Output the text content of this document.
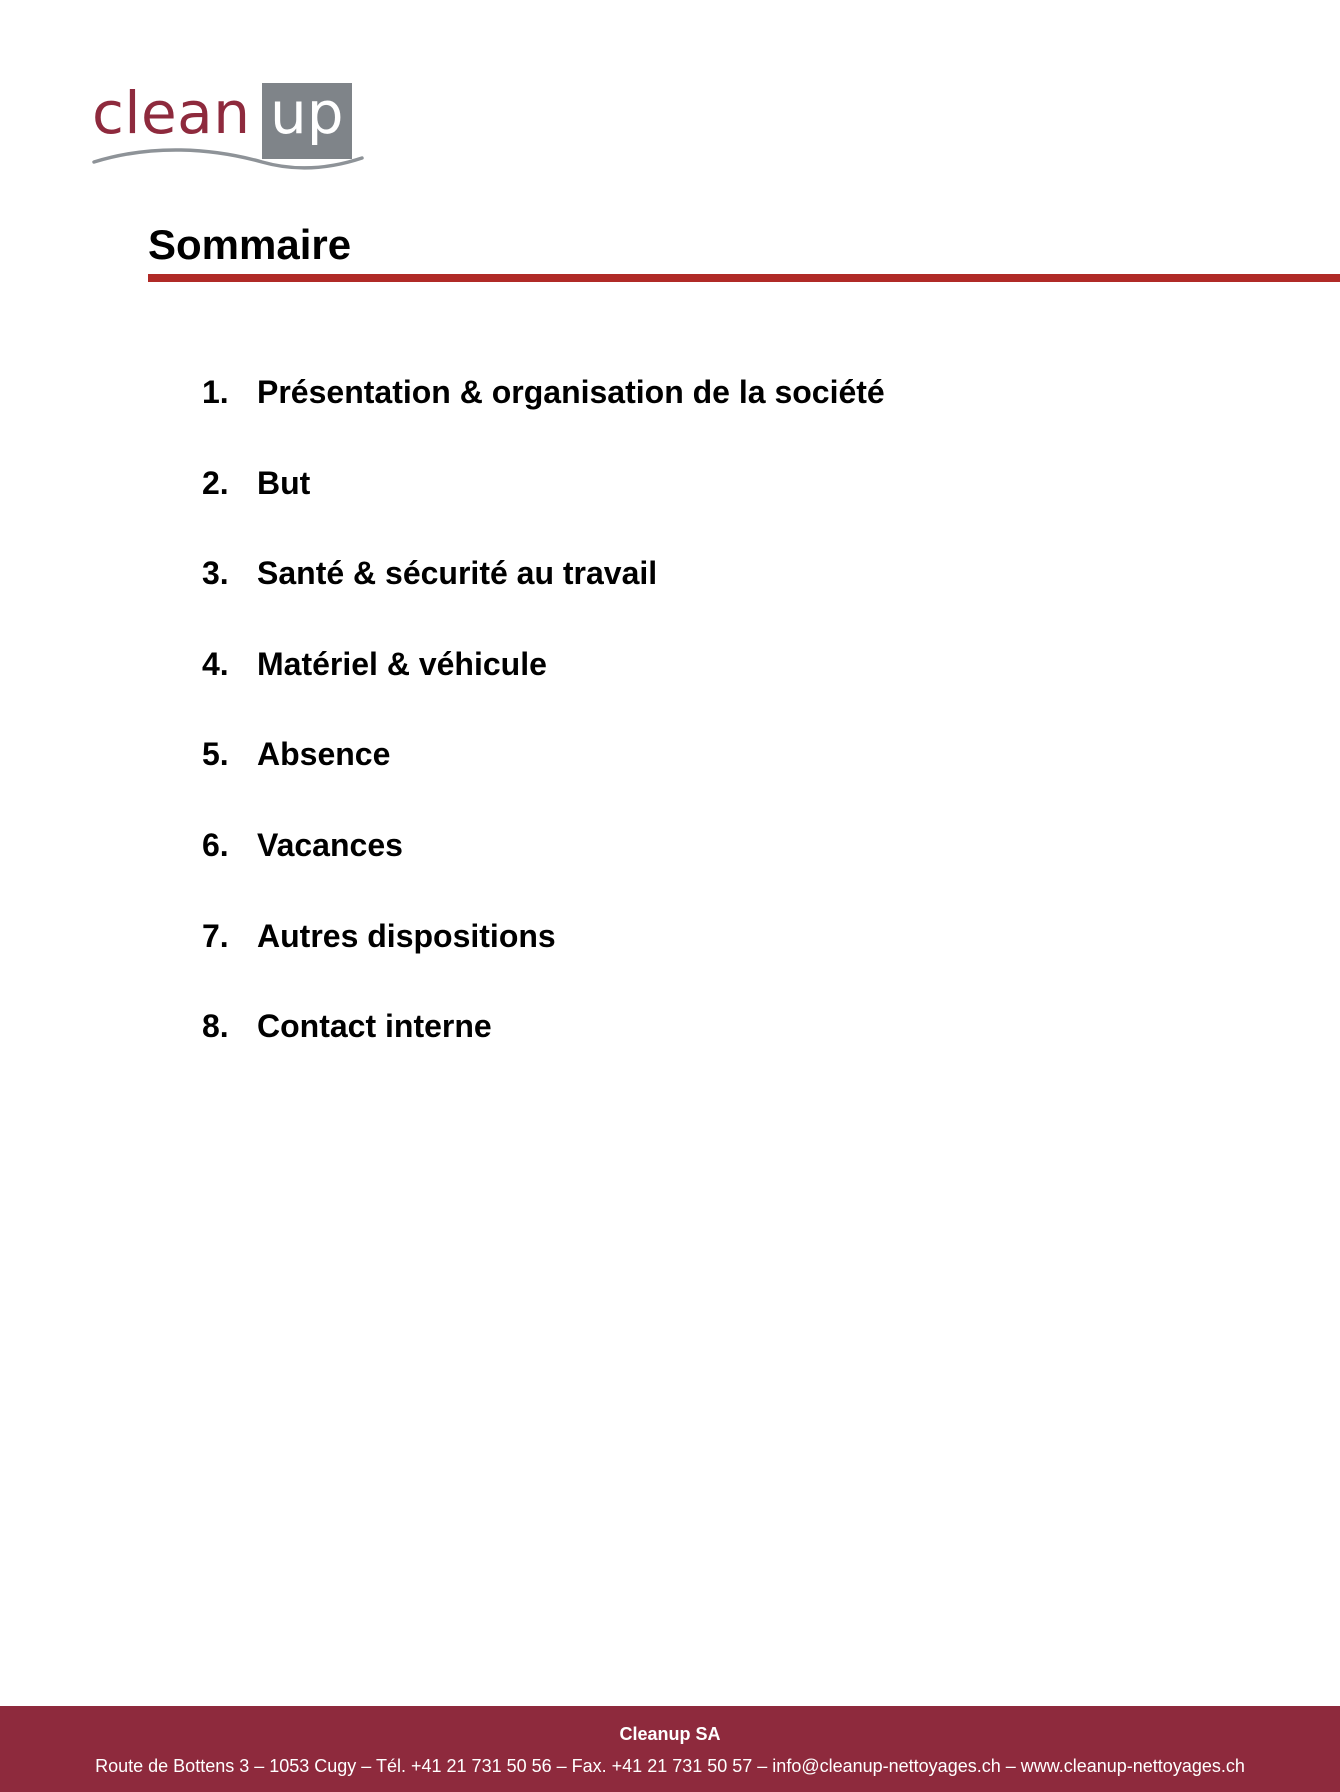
clean up
Sommaire
1. Présentation & organisation de la société
2. But
3. Santé & sécurité au travail
4. Matériel & véhicule
5. Absence
6. Vacances
7. Autres dispositions
8. Contact interne
Cleanup SA
Route de Bottens 3 – 1053 Cugy – Tél. +41 21 731 50 56 – Fax. +41 21 731 50 57 – info@cleanup-nettoyages.ch – www.cleanup-nettoyages.ch
